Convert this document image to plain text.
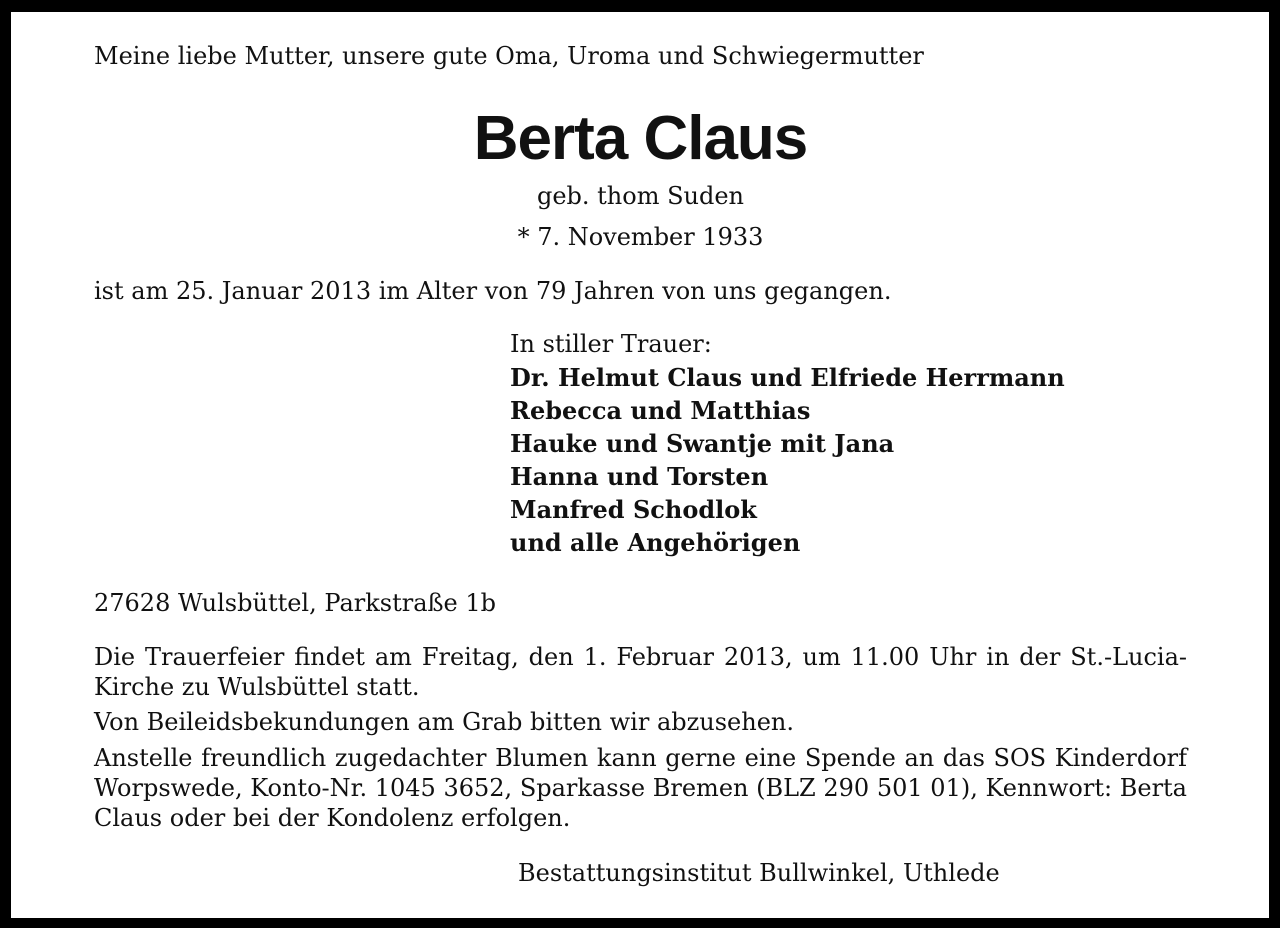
Meine liebe Mutter, unsere gute Oma, Uroma und Schwiegermutter
Berta Claus
geb. thom Suden
* 7. November 1933
ist am 25. Januar 2013 im Alter von 79 Jahren von uns gegangen.
In stiller Trauer:
Dr. Helmut Claus und Elfriede Herrmann
Rebecca und Matthias
Hauke und Swantje mit Jana
Hanna und Torsten
Manfred Schodlok
und alle Angehörigen
27628 Wulsbüttel, Parkstraße 1b
Die Trauerfeier findet am Freitag, den 1. Februar 2013, um 11.00 Uhr in der St.-Lucia-Kirche zu Wulsbüttel statt.
Von Beileidsbekundungen am Grab bitten wir abzusehen.
Anstelle freundlich zugedachter Blumen kann gerne eine Spende an das SOS Kinderdorf Worpswede, Konto-Nr. 1045 3652, Sparkasse Bremen (BLZ 290 501 01), Kennwort: Berta Claus oder bei der Kondolenz erfolgen.
Bestattungsinstitut Bullwinkel, Uthlede
